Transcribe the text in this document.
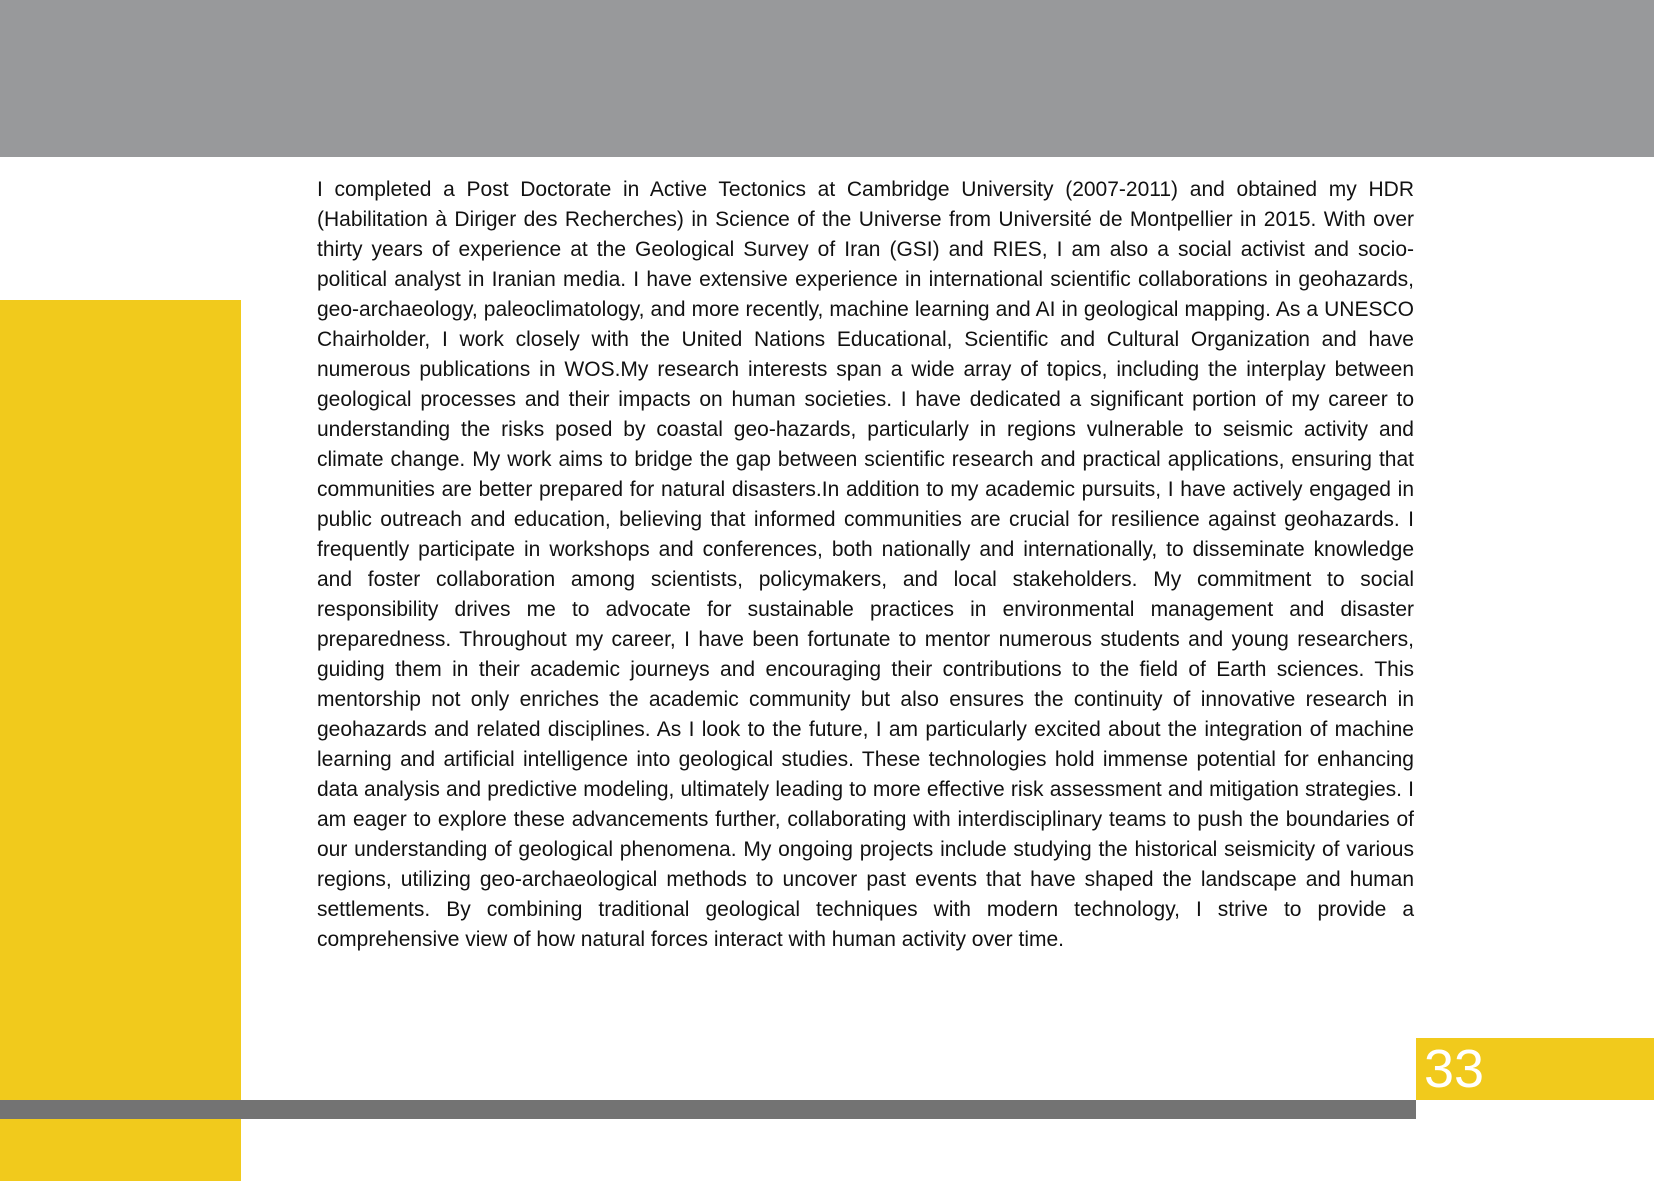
I completed a Post Doctorate in Active Tectonics at Cambridge University (2007-2011) and obtained my HDR (Habilitation à Diriger des Recherches) in Science of the Universe from Université de Montpellier in 2015. With over thirty years of experience at the Geological Survey of Iran (GSI) and RIES, I am also a social activist and socio-political analyst in Iranian media. I have extensive experience in international scientific collaborations in geohazards, geo-archaeology, paleoclimatology, and more recently, machine learning and AI in geological mapping. As a UNESCO Chairholder, I work closely with the United Nations Educational, Scientific and Cultural Organization and have numerous publications in WOS.My research interests span a wide array of topics, including the interplay between geological processes and their impacts on human societies. I have dedicated a significant portion of my career to understanding the risks posed by coastal geo-hazards, particularly in regions vulnerable to seismic activity and climate change. My work aims to bridge the gap between scientific research and practical applications, ensuring that communities are better prepared for natural disasters.In addition to my academic pursuits, I have actively engaged in public outreach and education, believing that informed communities are crucial for resilience against geohazards. I frequently participate in workshops and conferences, both nationally and internationally, to disseminate knowledge and foster collaboration among scientists, policymakers, and local stakeholders. My commitment to social responsibility drives me to advocate for sustainable practices in environmental management and disaster preparedness. Throughout my career, I have been fortunate to mentor numerous students and young researchers, guiding them in their academic journeys and encouraging their contributions to the field of Earth sciences. This mentorship not only enriches the academic community but also ensures the continuity of innovative research in geohazards and related disciplines. As I look to the future, I am particularly excited about the integration of machine learning and artificial intelligence into geological studies. These technologies hold immense potential for enhancing data analysis and predictive modeling, ultimately leading to more effective risk assessment and mitigation strategies. I am eager to explore these advancements further, collaborating with interdisciplinary teams to push the boundaries of our understanding of geological phenomena. My ongoing projects include studying the historical seismicity of various regions, utilizing geo-archaeological methods to uncover past events that have shaped the landscape and human settlements. By combining traditional geological techniques with modern technology, I strive to provide a comprehensive view of how natural forces interact with human activity over time.

33
